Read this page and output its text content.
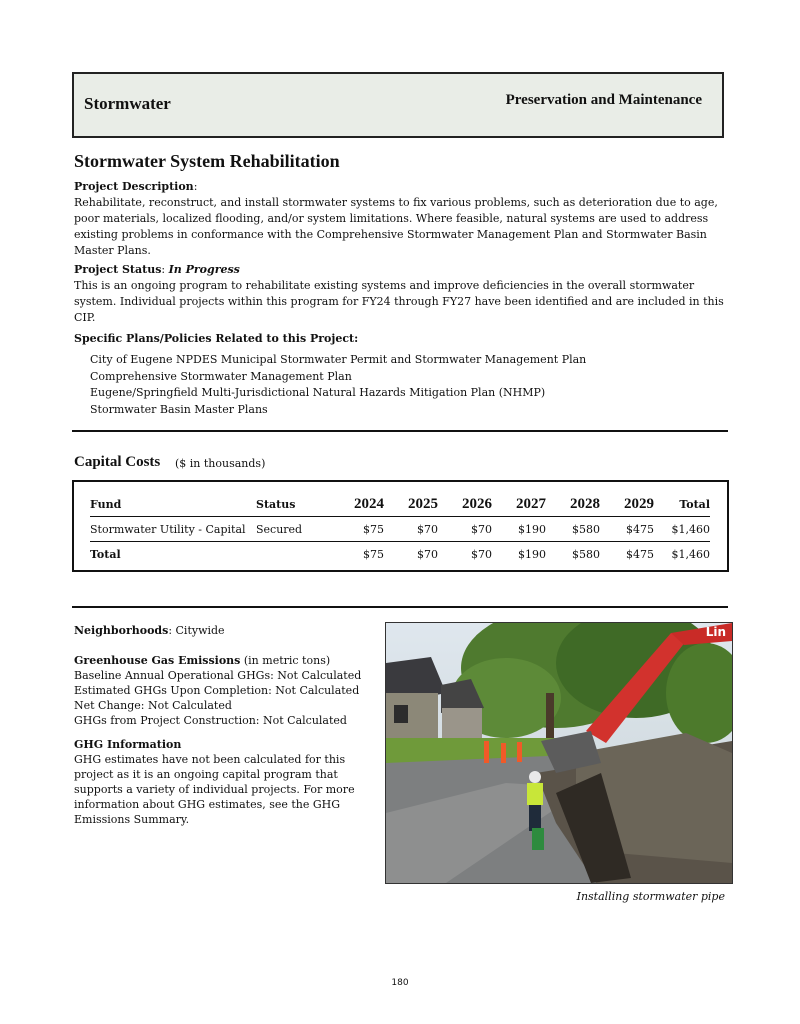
Stormwater	Preservation and Maintenance
Stormwater System Rehabilitation
Project Description:
Rehabilitate, reconstruct, and install stormwater systems to fix various problems, such as deterioration due to age, poor materials, localized flooding, and/or system limitations. Where feasible, natural systems are used to address existing problems in conformance with the Comprehensive Stormwater Management Plan and Stormwater Basin Master Plans.
Project Status: In Progress
This is an ongoing program to rehabilitate existing systems and improve deficiencies in the overall stormwater system. Individual projects within this program for FY24 through FY27 have been identified and are included in this CIP.
Specific Plans/Policies Related to this Project:
City of Eugene NPDES Municipal Stormwater Permit and Stormwater Management Plan
Comprehensive Stormwater Management Plan
Eugene/Springfield Multi-Jurisdictional Natural Hazards Mitigation Plan (NHMP)
Stormwater Basin Master Plans
Capital Costs ($ in thousands)
Fund	Status	2024	2025	2026	2027	2028	2029	Total
Stormwater Utility - Capital	Secured	$75	$70	$70	$190	$580	$475	$1,460
Total		$75	$70	$70	$190	$580	$475	$1,460
Neighborhoods: Citywide
Greenhouse Gas Emissions (in metric tons)
Baseline Annual Operational GHGs: Not Calculated
Estimated GHGs Upon Completion: Not Calculated
Net Change: Not Calculated
GHGs from Project Construction: Not Calculated
GHG Information
GHG estimates have not been calculated for this project as it is an ongoing capital program that supports a variety of individual projects. For more information about GHG estimates, see the GHG Emissions Summary.
Lin
Installing stormwater pipe
180
